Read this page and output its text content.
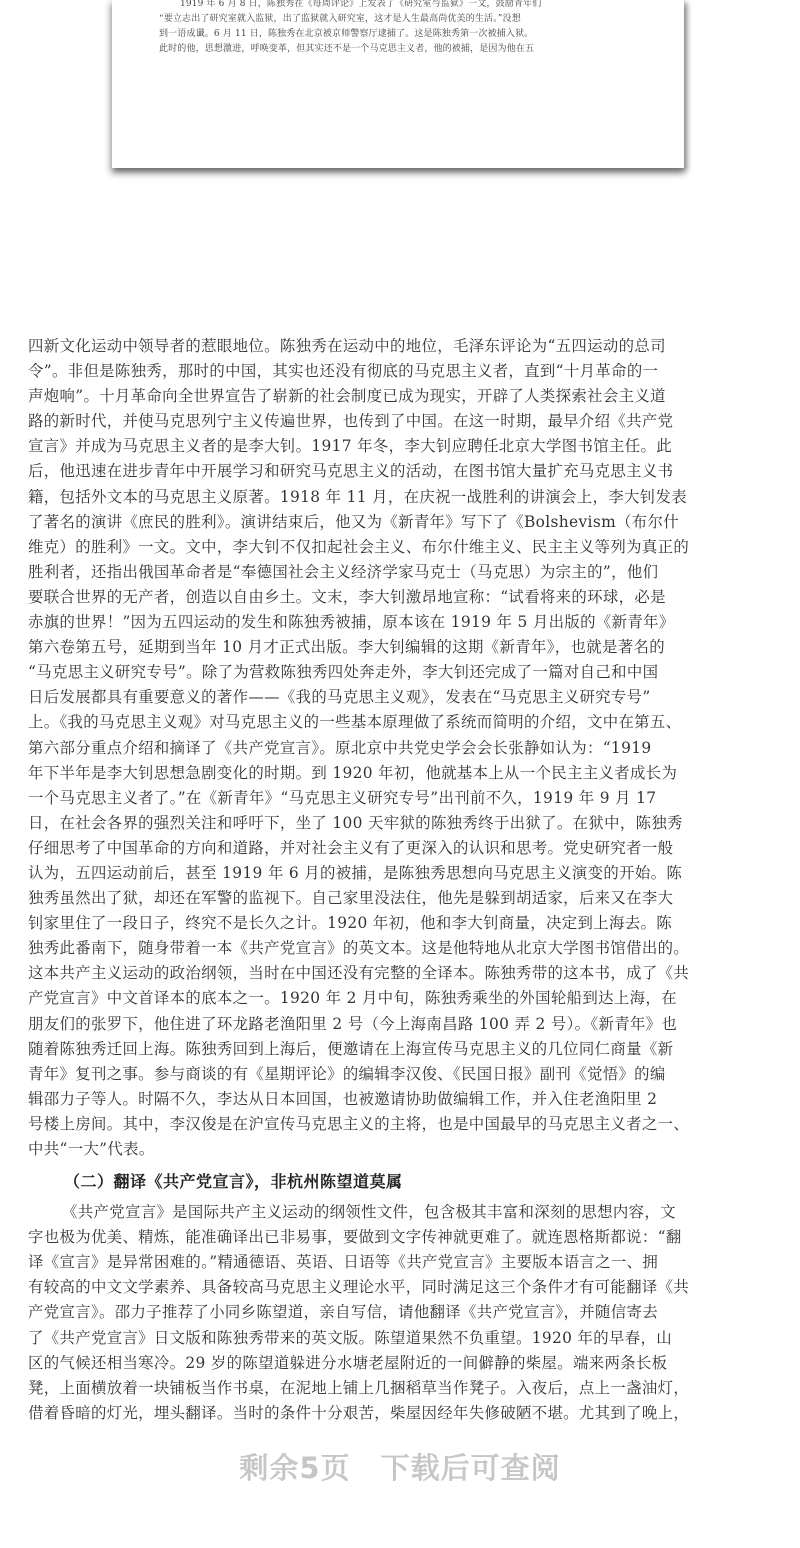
1919 年 6 月 8 日，陈独秀在《每周评论》上发表了《研究室与监狱》一文，鼓励青年们

“要立志出了研究室就入监狱，出了监狱就入研究室，这才是人生最高尚优美的生活。”没想

到一语成谶。6 月 11 日，陈独秀在北京被京师警察厅逮捕了。这是陈独秀第一次被捕入狱。

此时的他，思想激进，呼唤变革，但其实还不是一个马克思主义者，他的被捕，是因为他在五

四新文化运动中领导者的惹眼地位。陈独秀在运动中的地位，毛泽东评论为“五四运动的总司
令”。非但是陈独秀，那时的中国，其实也还没有彻底的马克思主义者，直到“十月革命的一
声炮响”。十月革命向全世界宣告了崭新的社会制度已成为现实，开辟了人类探索社会主义道
路的新时代，并使马克思列宁主义传遍世界，也传到了中国。在这一时期，最早介绍《共产党
宣言》并成为马克思主义者的是李大钊。1917 年冬，李大钊应聘任北京大学图书馆主任。此
后，他迅速在进步青年中开展学习和研究马克思主义的活动，在图书馆大量扩充马克思主义书
籍，包括外文本的马克思主义原著。1918 年 11 月，在庆祝一战胜利的讲演会上，李大钊发表
了著名的演讲《庶民的胜利》。演讲结束后，他又为《新青年》写下了《Bolshevism（布尔什
维克）的胜利》一文。文中，李大钊不仅扣起社会主义、布尔什维主义、民主主义等列为真正的
胜利者，还指出俄国革命者是“奉德国社会主义经济学家马克士（马克思）为宗主的”，他们
要联合世界的无产者，创造以自由乡土。文末，李大钊激昂地宣称：“试看将来的环球，必是
赤旗的世界！”因为五四运动的发生和陈独秀被捕，原本该在 1919 年 5 月出版的《新青年》
第六卷第五号，延期到当年 10 月才正式出版。李大钊编辑的这期《新青年》，也就是著名的
“马克思主义研究专号”。除了为营救陈独秀四处奔走外，李大钊还完成了一篇对自己和中国
日后发展都具有重要意义的著作——《我的马克思主义观》，发表在“马克思主义研究专号”
上。《我的马克思主义观》对马克思主义的一些基本原理做了系统而简明的介绍，文中在第五、
第六部分重点介绍和摘译了《共产党宣言》。原北京中共党史学会会长张静如认为：“1919
年下半年是李大钊思想急剧变化的时期。到 1920 年初，他就基本上从一个民主主义者成长为
一个马克思主义者了。”在《新青年》“马克思主义研究专号”出刊前不久，1919 年 9 月 17
日，在社会各界的强烈关注和呼吁下，坐了 100 天牢狱的陈独秀终于出狱了。在狱中，陈独秀
仔细思考了中国革命的方向和道路，并对社会主义有了更深入的认识和思考。党史研究者一般
认为，五四运动前后，甚至 1919 年 6 月的被捕，是陈独秀思想向马克思主义演变的开始。陈
独秀虽然出了狱，却还在军警的监视下。自己家里没法住，他先是躲到胡适家，后来又在李大
钊家里住了一段日子，终究不是长久之计。1920 年初，他和李大钊商量，决定到上海去。陈
独秀此番南下，随身带着一本《共产党宣言》的英文本。这是他特地从北京大学图书馆借出的。
这本共产主义运动的政治纲领，当时在中国还没有完整的全译本。陈独秀带的这本书，成了《共
产党宣言》中文首译本的底本之一。1920 年 2 月中旬，陈独秀乘坐的外国轮船到达上海，在
朋友们的张罗下，他住进了环龙路老渔阳里 2 号（今上海南昌路 100 弄 2 号）。《新青年》也
随着陈独秀迁回上海。陈独秀回到上海后，便邀请在上海宣传马克思主义的几位同仁商量《新
青年》复刊之事。参与商谈的有《星期评论》的编辑李汉俊、《民国日报》副刊《觉悟》的编
辑邵力子等人。时隔不久，李达从日本回国，也被邀请协助做编辑工作，并入住老渔阳里 2
号楼上房间。其中，李汉俊是在沪宣传马克思主义的主将，也是中国最早的马克思主义者之一、
中共“一大”代表。
（二）翻译《共产党宣言》，非杭州陈望道莫属
《共产党宣言》是国际共产主义运动的纲领性文件，包含极其丰富和深刻的思想内容，文
字也极为优美、精炼，能准确译出已非易事，要做到文字传神就更难了。就连恩格斯都说：“翻
译《宣言》是异常困难的。”精通德语、英语、日语等《共产党宣言》主要版本语言之一、拥
有较高的中文文学素养、具备较高马克思主义理论水平，同时满足这三个条件才有可能翻译《共
产党宣言》。邵力子推荐了小同乡陈望道，亲自写信，请他翻译《共产党宣言》，并随信寄去
了《共产党宣言》日文版和陈独秀带来的英文版。陈望道果然不负重望。1920 年的早春，山
区的气候还相当寒冷。29 岁的陈望道躲进分水塘老屋附近的一间僻静的柴屋。端来两条长板
凳，上面横放着一块铺板当作书桌，在泥地上铺上几捆稻草当作凳子。入夜后，点上一盏油灯，
借着昏暗的灯光，埋头翻译。当时的条件十分艰苦，柴屋因经年失修破陋不堪。尤其到了晚上，
剩余5页 下载后可查阅
